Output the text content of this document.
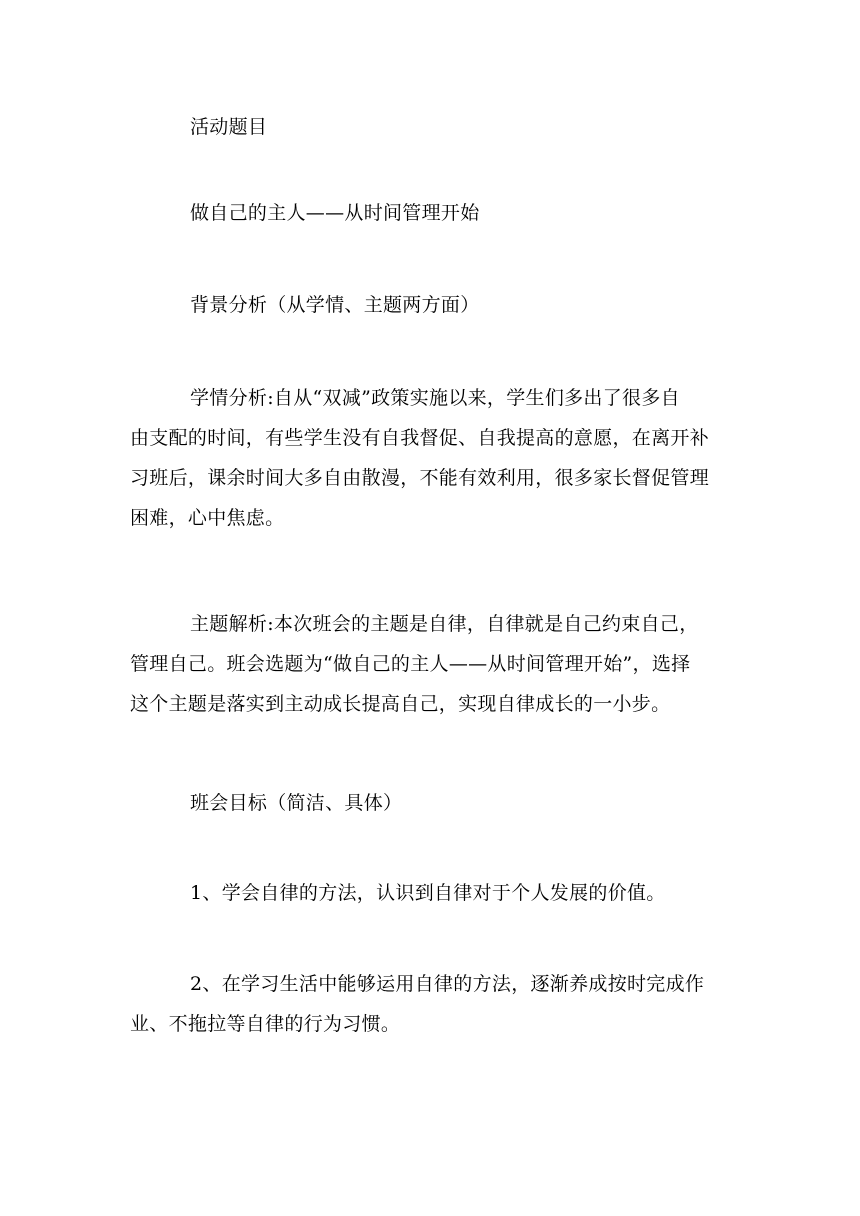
活动题目

做自己的主人——从时间管理开始

背景分析（从学情、主题两方面）

学情分析:自从“双减”政策实施以来，学生们多出了很多自
由支配的时间，有些学生没有自我督促、自我提高的意愿，在离开补
习班后，课余时间大多自由散漫，不能有效利用，很多家长督促管理
困难，心中焦虑。

主题解析:本次班会的主题是自律，自律就是自己约束自己，
管理自己。班会选题为“做自己的主人——从时间管理开始”，选择
这个主题是落实到主动成长提高自己，实现自律成长的一小步。

班会目标（简洁、具体）

1、学会自律的方法，认识到自律对于个人发展的价值。

2、在学习生活中能够运用自律的方法，逐渐养成按时完成作
业、不拖拉等自律的行为习惯。
